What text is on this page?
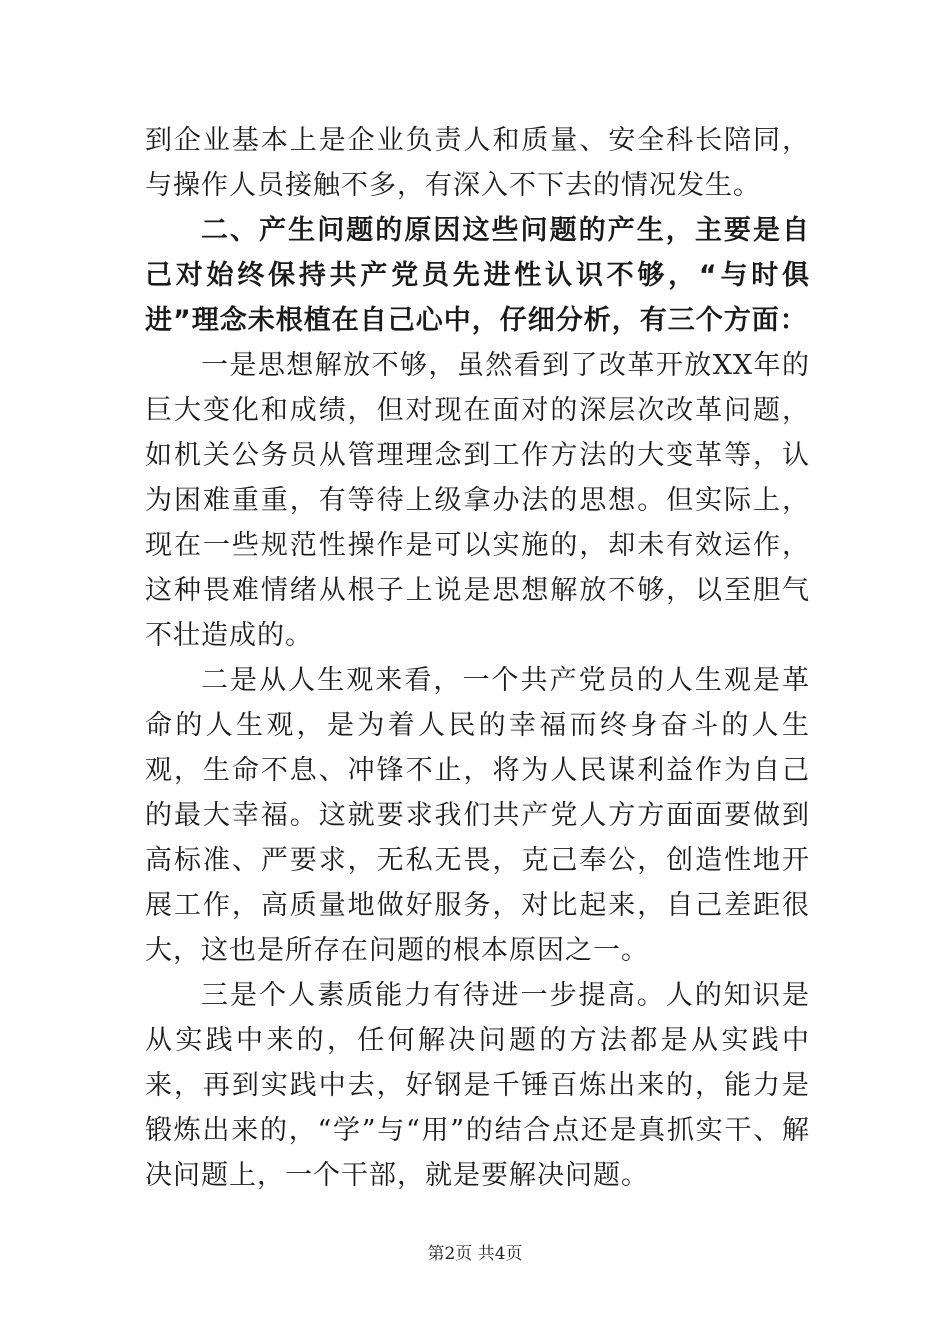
到企业基本上是企业负责人和质量、安全科长陪同，与操作人员接触不多，有深入不下去的情况发生。

二、产生问题的原因这些问题的产生，主要是自己对始终保持共产党员先进性认识不够，“与时俱进”理念未根植在自己心中，仔细分析，有三个方面：

一是思想解放不够，虽然看到了改革开放XX年的巨大变化和成绩，但对现在面对的深层次改革问题，如机关公务员从管理理念到工作方法的大变革等，认为困难重重，有等待上级拿办法的思想。但实际上，现在一些规范性操作是可以实施的，却未有效运作，这种畏难情绪从根子上说是思想解放不够，以至胆气不壮造成的。

二是从人生观来看，一个共产党员的人生观是革命的人生观，是为着人民的幸福而终身奋斗的人生观，生命不息、冲锋不止，将为人民谋利益作为自己的最大幸福。这就要求我们共产党人方方面面要做到高标准、严要求，无私无畏，克己奉公，创造性地开展工作，高质量地做好服务，对比起来，自己差距很大，这也是所存在问题的根本原因之一。

三是个人素质能力有待进一步提高。人的知识是从实践中来的，任何解决问题的方法都是从实践中来，再到实践中去，好钢是千锤百炼出来的，能力是锻炼出来的，“学”与“用”的结合点还是真抓实干、解决问题上，一个干部，就是要解决问题。

第2页 共4页
